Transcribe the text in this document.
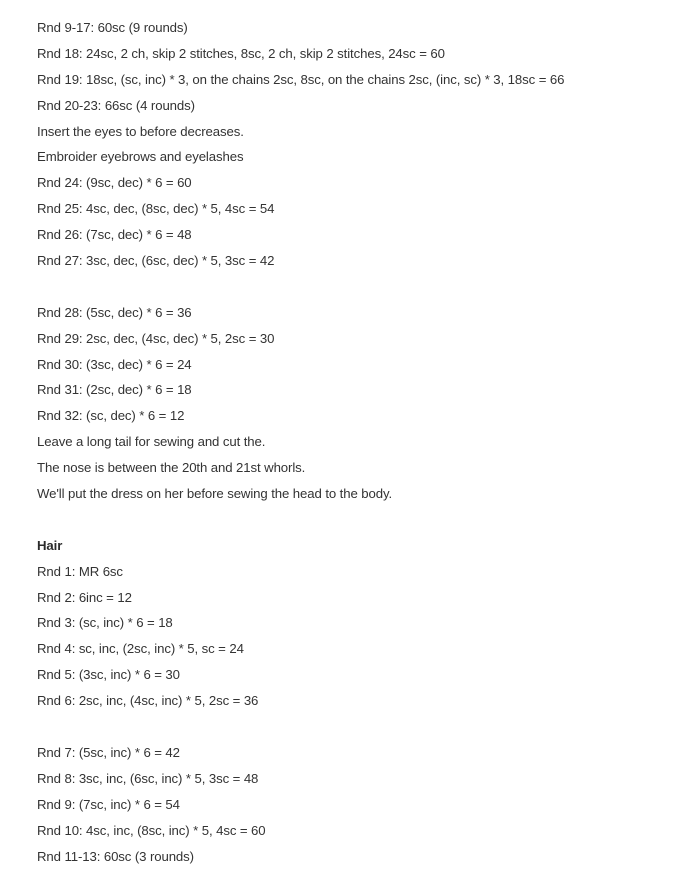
Rnd 9-17: 60sc (9 rounds)
Rnd 18: 24sc, 2 ch, skip 2 stitches, 8sc, 2 ch, skip 2 stitches, 24sc = 60
Rnd 19: 18sc, (sc, inc) * 3, on the chains 2sc, 8sc, on the chains 2sc, (inc, sc) * 3, 18sc = 66
Rnd 20-23: 66sc (4 rounds)
Insert the eyes to before decreases.
Embroider eyebrows and eyelashes
Rnd 24: (9sc, dec) * 6 = 60
Rnd 25: 4sc, dec, (8sc, dec) * 5, 4sc = 54
Rnd 26: (7sc, dec) * 6 = 48
Rnd 27: 3sc, dec, (6sc, dec) * 5, 3sc = 42
Rnd 28: (5sc, dec) * 6 = 36
Rnd 29: 2sc, dec, (4sc, dec) * 5, 2sc = 30
Rnd 30: (3sc, dec) * 6 = 24
Rnd 31: (2sc, dec) * 6 = 18
Rnd 32: (sc, dec) * 6 = 12
Leave a long tail for sewing and cut the.
The nose is between the 20th and 21st whorls.
We'll put the dress on her before sewing the head to the body.
Hair
Rnd 1: MR 6sc
Rnd 2: 6inc = 12
Rnd 3: (sc, inc) * 6 = 18
Rnd 4: sc, inc, (2sc, inc) * 5, sc = 24
Rnd 5: (3sc, inc) * 6 = 30
Rnd 6: 2sc, inc, (4sc, inc) * 5, 2sc = 36
Rnd 7: (5sc, inc) * 6 = 42
Rnd 8: 3sc, inc, (6sc, inc) * 5, 3sc = 48
Rnd 9: (7sc, inc) * 6 = 54
Rnd 10: 4sc, inc, (8sc, inc) * 5, 4sc = 60
Rnd 11-13: 60sc (3 rounds)
